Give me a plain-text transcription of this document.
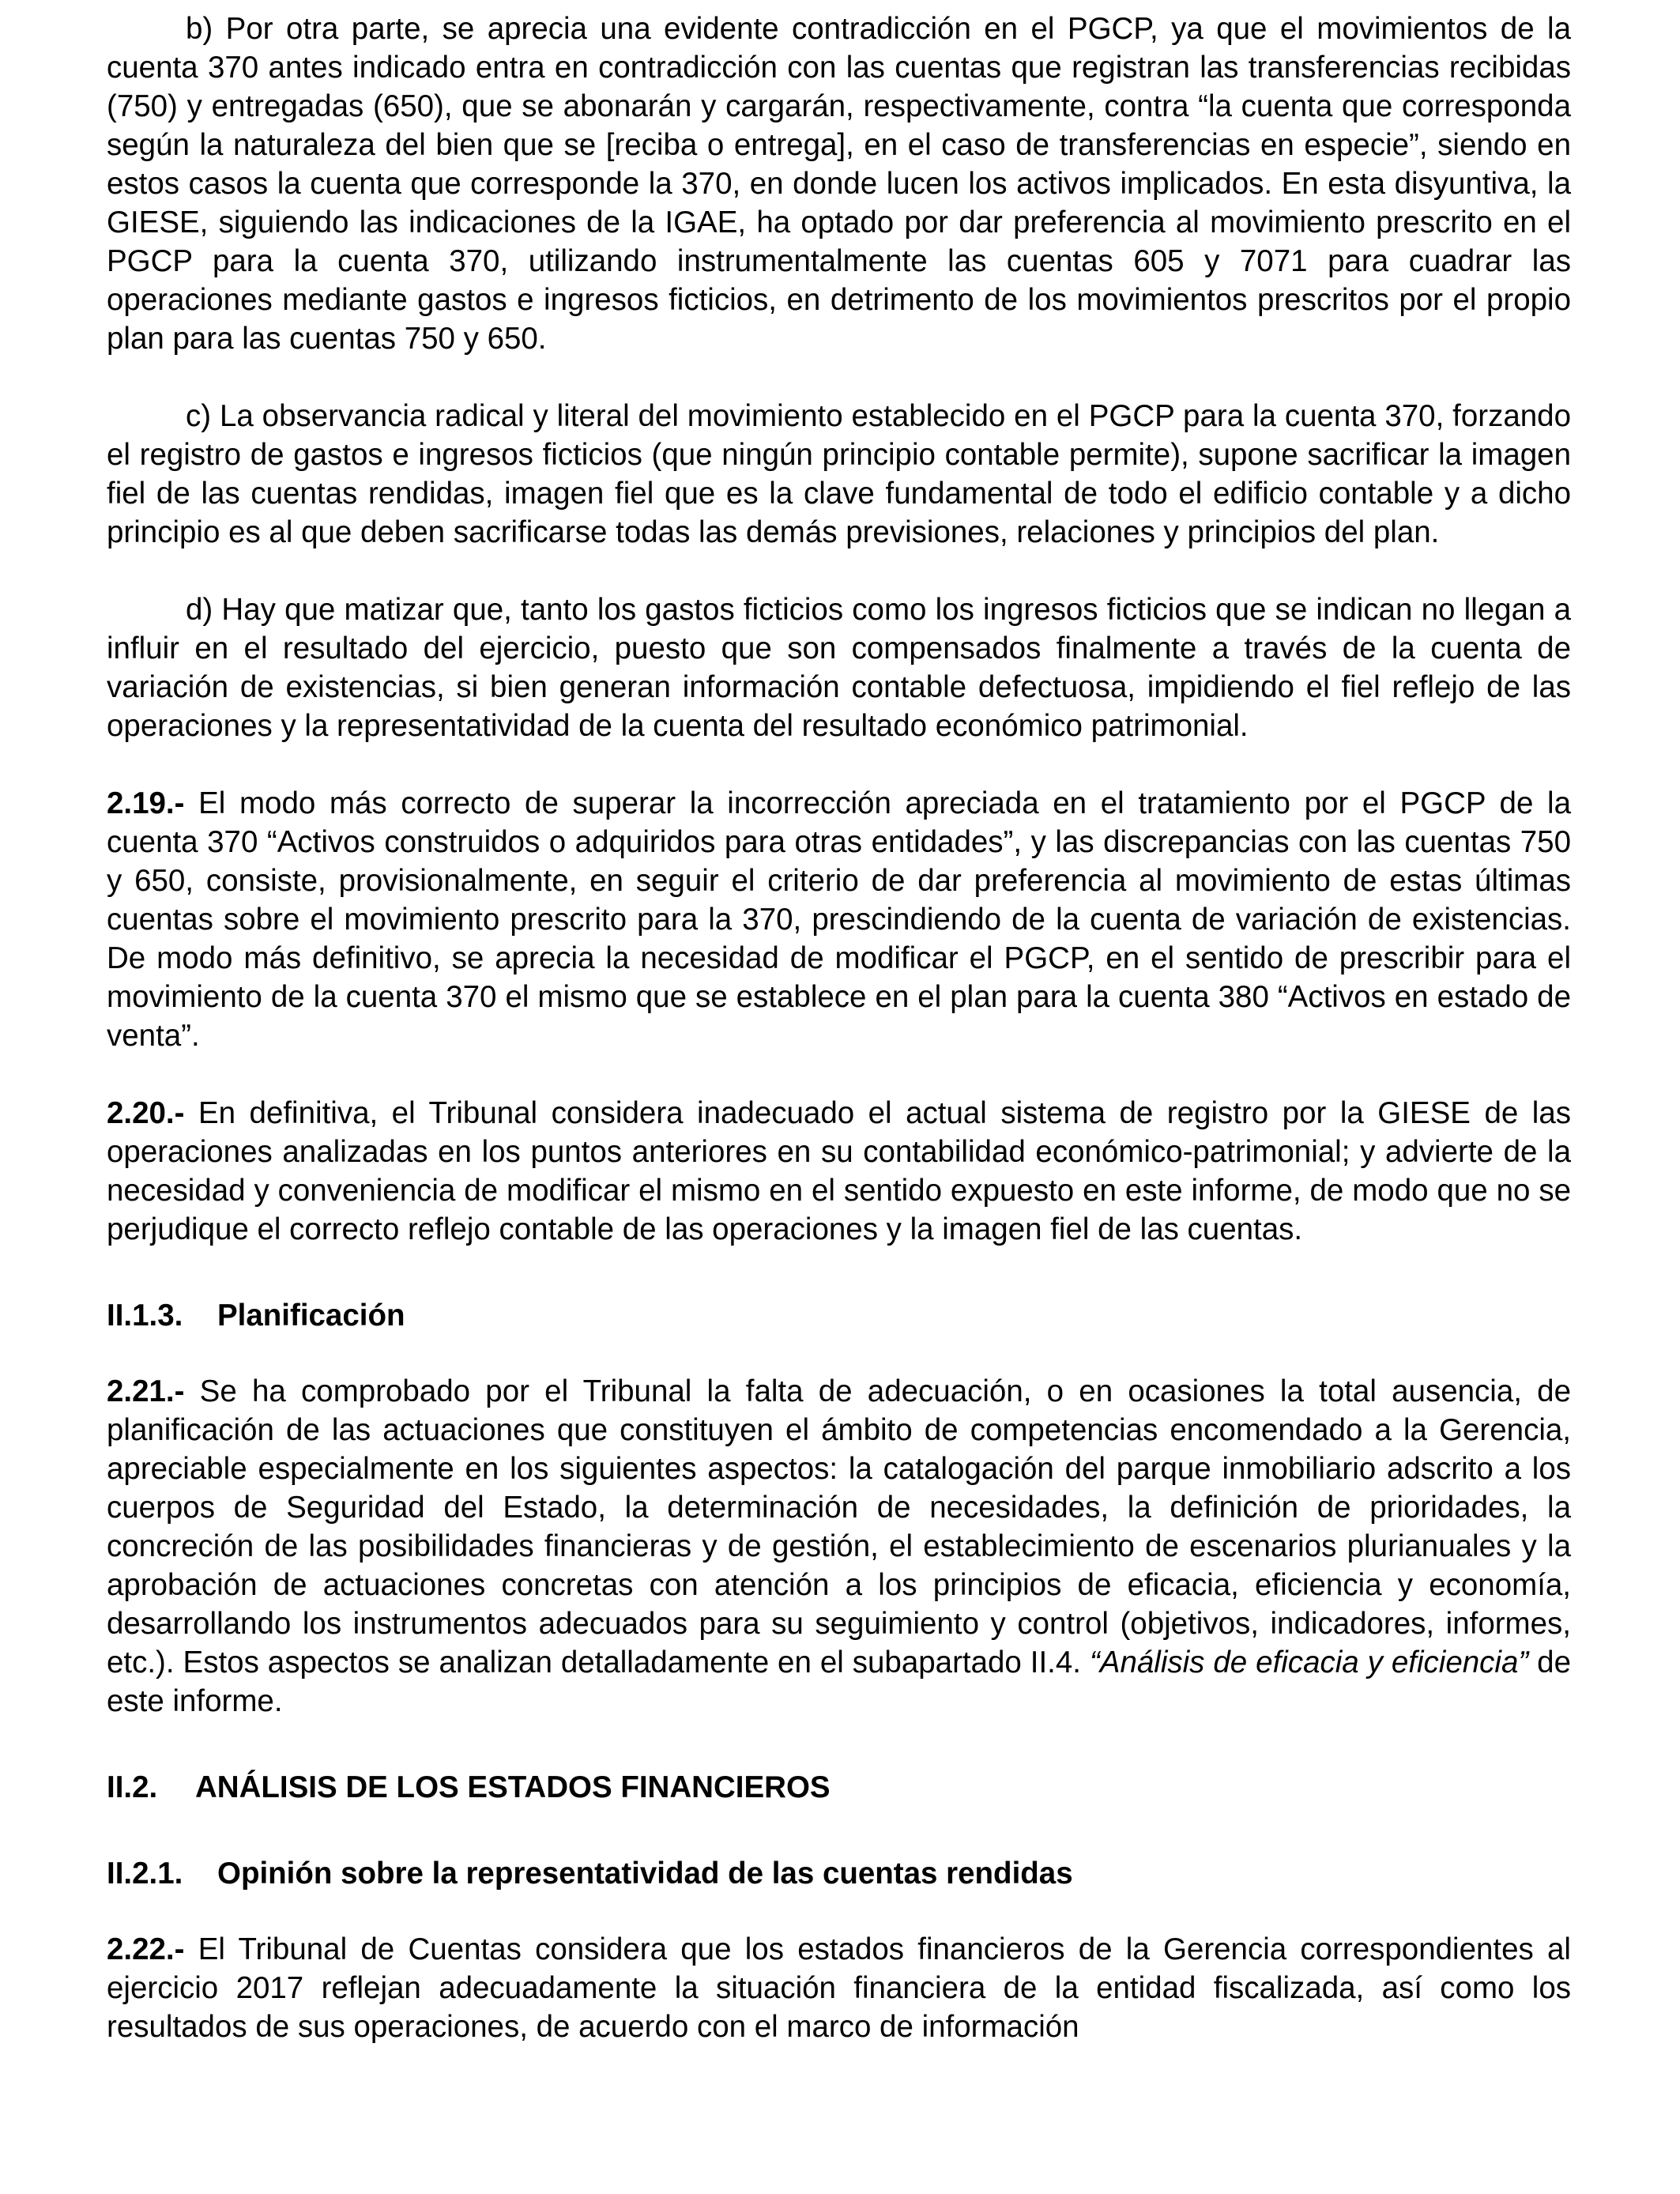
b) Por otra parte, se aprecia una evidente contradicción en el PGCP, ya que el movimientos de la cuenta 370 antes indicado entra en contradicción con las cuentas que registran las transferencias recibidas (750) y entregadas (650), que se abonarán y cargarán, respectivamente, contra “la cuenta que corresponda según la naturaleza del bien que se [reciba o entrega], en el caso de transferencias en especie”, siendo en estos casos la cuenta que corresponde la 370, en donde lucen los activos implicados. En esta disyuntiva, la GIESE, siguiendo las indicaciones de la IGAE, ha optado por dar preferencia al movimiento prescrito en el PGCP para la cuenta 370, utilizando instrumentalmente las cuentas 605 y 7071 para cuadrar las operaciones mediante gastos e ingresos ficticios, en detrimento de los movimientos prescritos por el propio plan para las cuentas 750 y 650.

c) La observancia radical y literal del movimiento establecido en el PGCP para la cuenta 370, forzando el registro de gastos e ingresos ficticios (que ningún principio contable permite), supone sacrificar la imagen fiel de las cuentas rendidas, imagen fiel que es la clave fundamental de todo el edificio contable y a dicho principio es al que deben sacrificarse todas las demás previsiones, relaciones y principios del plan.

d) Hay que matizar que, tanto los gastos ficticios como los ingresos ficticios que se indican no llegan a influir en el resultado del ejercicio, puesto que son compensados finalmente a través de la cuenta de variación de existencias, si bien generan información contable defectuosa, impidiendo el fiel reflejo de las operaciones y la representatividad de la cuenta del resultado económico patrimonial.

2.19.- El modo más correcto de superar la incorrección apreciada en el tratamiento por el PGCP de la cuenta 370 “Activos construidos o adquiridos para otras entidades”, y las discrepancias con las cuentas 750 y 650, consiste, provisionalmente, en seguir el criterio de dar preferencia al movimiento de estas últimas cuentas sobre el movimiento prescrito para la 370, prescindiendo de la cuenta de variación de existencias. De modo más definitivo, se aprecia la necesidad de modificar el PGCP, en el sentido de prescribir para el movimiento de la cuenta 370 el mismo que se establece en el plan para la cuenta 380 “Activos en estado de venta”.

2.20.- En definitiva, el Tribunal considera inadecuado el actual sistema de registro por la GIESE de las operaciones analizadas en los puntos anteriores en su contabilidad económico-patrimonial; y advierte de la necesidad y conveniencia de modificar el mismo en el sentido expuesto en este informe, de modo que no se perjudique el correcto reflejo contable de las operaciones y la imagen fiel de las cuentas.

II.1.3. Planificación

2.21.- Se ha comprobado por el Tribunal la falta de adecuación, o en ocasiones la total ausencia, de planificación de las actuaciones que constituyen el ámbito de competencias encomendado a la Gerencia, apreciable especialmente en los siguientes aspectos: la catalogación del parque inmobiliario adscrito a los cuerpos de Seguridad del Estado, la determinación de necesidades, la definición de prioridades, la concreción de las posibilidades financieras y de gestión, el establecimiento de escenarios plurianuales y la aprobación de actuaciones concretas con atención a los principios de eficacia, eficiencia y economía, desarrollando los instrumentos adecuados para su seguimiento y control (objetivos, indicadores, informes, etc.). Estos aspectos se analizan detalladamente en el subapartado II.4. “Análisis de eficacia y eficiencia” de este informe.

II.2. ANÁLISIS DE LOS ESTADOS FINANCIEROS

II.2.1. Opinión sobre la representatividad de las cuentas rendidas

2.22.- El Tribunal de Cuentas considera que los estados financieros de la Gerencia correspondientes al ejercicio 2017 reflejan adecuadamente la situación financiera de la entidad fiscalizada, así como los resultados de sus operaciones, de acuerdo con el marco de información
